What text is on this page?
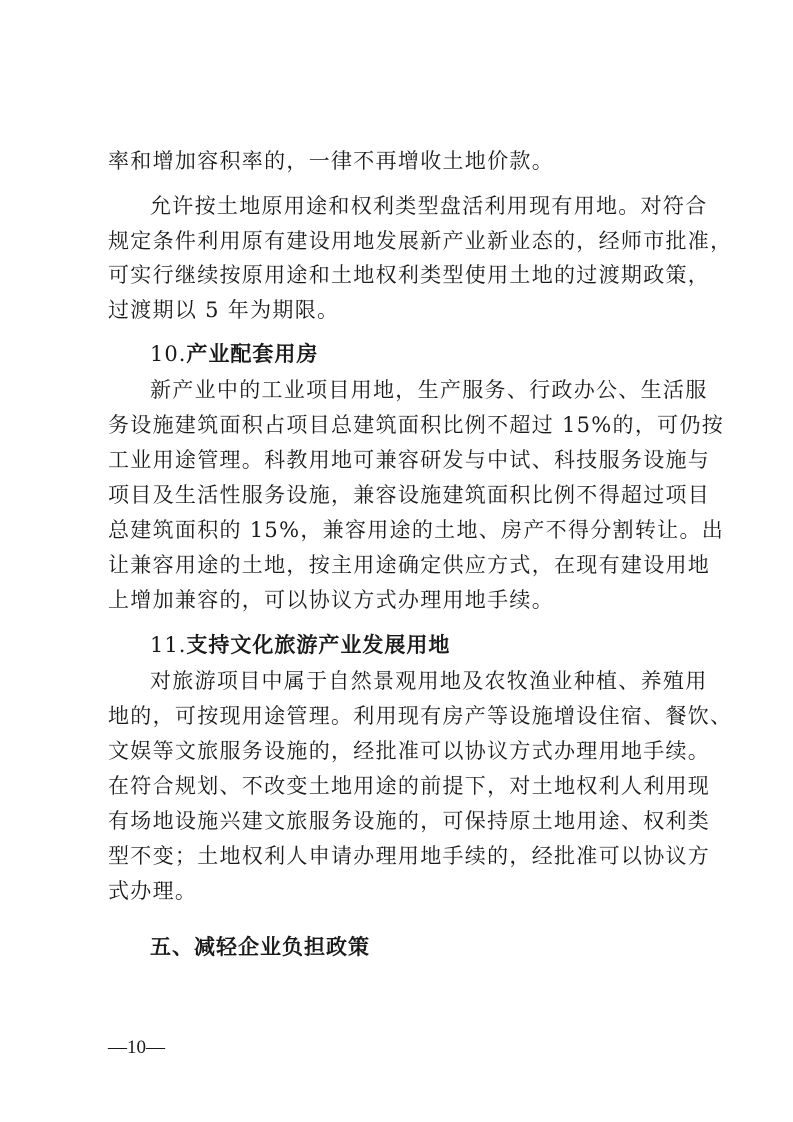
率和增加容积率的，一律不再增收土地价款。
允许按土地原用途和权利类型盘活利用现有用地。对符合
规定条件利用原有建设用地发展新产业新业态的，经师市批准，
可实行继续按原用途和土地权利类型使用土地的过渡期政策，
过渡期以 5 年为期限。
10.产业配套用房
新产业中的工业项目用地，生产服务、行政办公、生活服
务设施建筑面积占项目总建筑面积比例不超过 15%的，可仍按
工业用途管理。科教用地可兼容研发与中试、科技服务设施与
项目及生活性服务设施，兼容设施建筑面积比例不得超过项目
总建筑面积的 15%，兼容用途的土地、房产不得分割转让。出
让兼容用途的土地，按主用途确定供应方式，在现有建设用地
上增加兼容的，可以协议方式办理用地手续。
11.支持文化旅游产业发展用地
对旅游项目中属于自然景观用地及农牧渔业种植、养殖用
地的，可按现用途管理。利用现有房产等设施增设住宿、餐饮、
文娱等文旅服务设施的，经批准可以协议方式办理用地手续。
在符合规划、不改变土地用途的前提下，对土地权利人利用现
有场地设施兴建文旅服务设施的，可保持原土地用途、权利类
型不变；土地权利人申请办理用地手续的，经批准可以协议方
式办理。
五、减轻企业负担政策
—10—
